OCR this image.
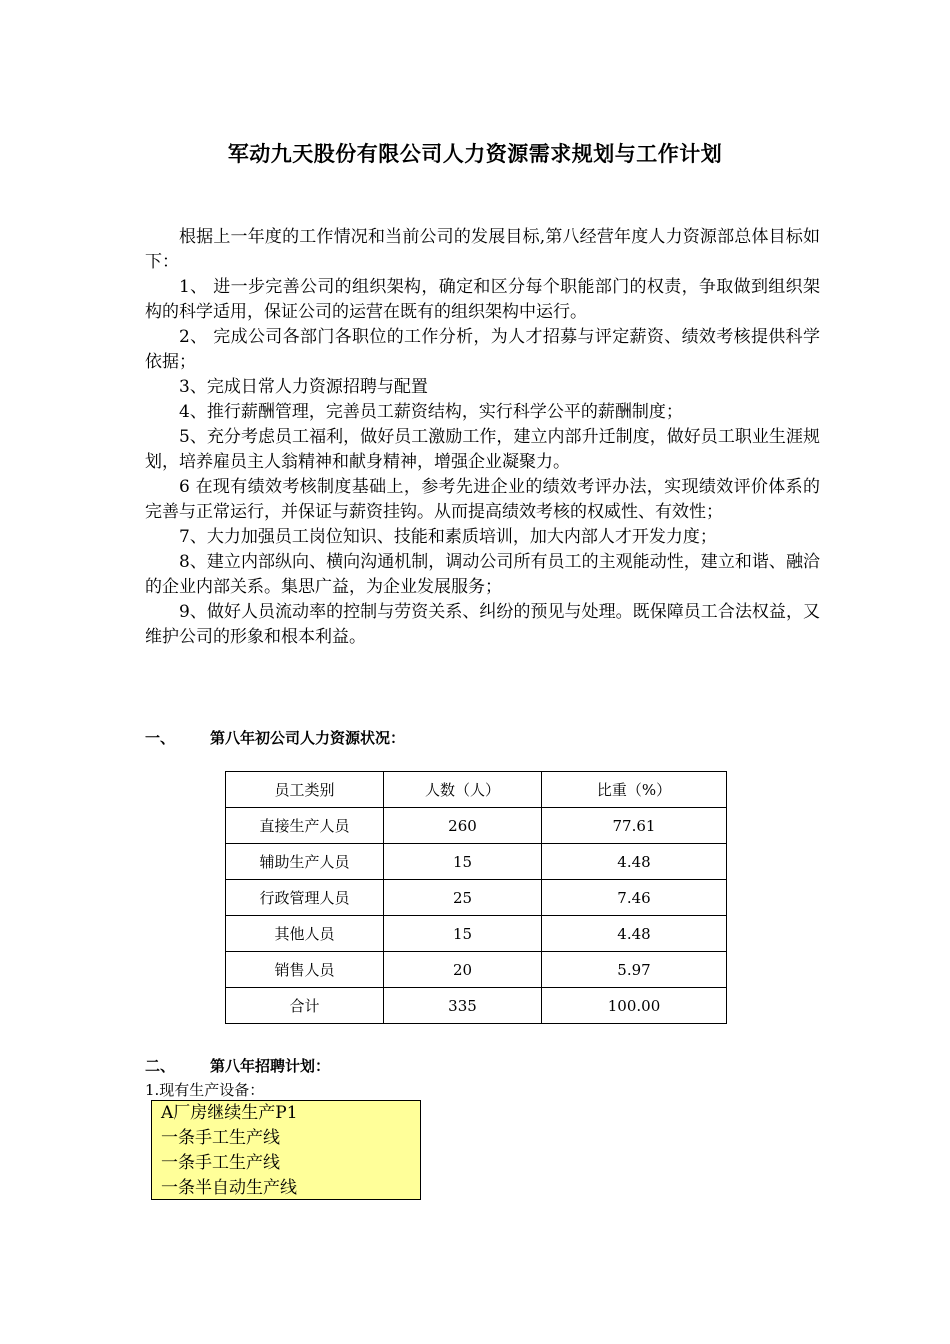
军动九天股份有限公司人力资源需求规划与工作计划

根据上一年度的工作情况和当前公司的发展目标,第八经营年度人力资源部总体目标如下：

1、 进一步完善公司的组织架构，确定和区分每个职能部门的权责，争取做到组织架构的科学适用，保证公司的运营在既有的组织架构中运行。

2、 完成公司各部门各职位的工作分析，为人才招募与评定薪资、绩效考核提供科学依据；

3、完成日常人力资源招聘与配置

4、推行薪酬管理，完善员工薪资结构，实行科学公平的薪酬制度；

5、充分考虑员工福利，做好员工激励工作，建立内部升迁制度，做好员工职业生涯规划，培养雇员主人翁精神和献身精神，增强企业凝聚力。

6 在现有绩效考核制度基础上，参考先进企业的绩效考评办法，实现绩效评价体系的完善与正常运行，并保证与薪资挂钩。从而提高绩效考核的权威性、有效性；

7、大力加强员工岗位知识、技能和素质培训，加大内部人才开发力度；

8、建立内部纵向、横向沟通机制，调动公司所有员工的主观能动性，建立和谐、融洽的企业内部关系。集思广益，为企业发展服务；

9、做好人员流动率的控制与劳资关系、纠纷的预见与处理。既保障员工合法权益，又维护公司的形象和根本利益。

一、 第八年初公司人力资源状况：
员工类别	人数（人）	比重（%）
直接生产人员	260	77.61
辅助生产人员	15	4.48
行政管理人员	25	7.46
其他人员	15	4.48
销售人员	20	5.97
合计	335	100.00
二、 第八年招聘计划：
1.现有生产设备：
A厂房继续生产P1
一条手工生产线
一条手工生产线
一条半自动生产线
